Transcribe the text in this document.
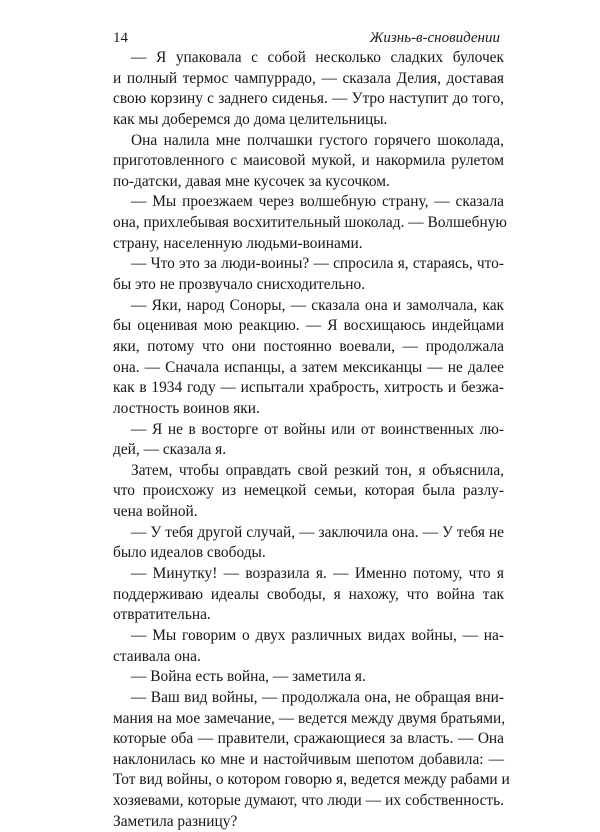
14	Жизнь-в-сновидении
— Я упаковала с собой несколько сладких булочек
и полный термос чампуррадо, — сказала Делия, доставая
свою корзину с заднего сиденья. — Утро наступит до того,
как мы доберемся до дома целительницы.
Она налила мне полчашки густого горячего шоколада,
приготовленного с маисовой мукой, и накормила рулетом
по-датски, давая мне кусочек за кусочком.
— Мы проезжаем через волшебную страну, — сказала
она, прихлебывая восхитительный шоколад. — Волшебную
страну, населенную людьми-воинами.
— Что это за люди-воины? — спросила я, стараясь, что-
бы это не прозвучало снисходительно.
— Яки, народ Соноры, — сказала она и замолчала, как
бы оценивая мою реакцию. — Я восхищаюсь индейцами
яки, потому что они постоянно воевали, — продолжала
она. — Сначала испанцы, а затем мексиканцы — не далее
как в 1934 году — испытали храбрость, хитрость и безжа-
лостность воинов яки.
— Я не в восторге от войны или от воинственных лю-
дей, — сказала я.
Затем, чтобы оправдать свой резкий тон, я объяснила,
что происхожу из немецкой семьи, которая была разлу-
чена войной.
— У тебя другой случай, — заключила она. — У тебя не
было идеалов свободы.
— Минутку! — возразила я. — Именно потому, что я
поддерживаю идеалы свободы, я нахожу, что война так
отвратительна.
— Мы говорим о двух различных видах войны, — на-
стаивала она.
— Война есть война, — заметила я.
— Ваш вид войны, — продолжала она, не обращая вни-
мания на мое замечание, — ведется между двумя братьями,
которые оба — правители, сражающиеся за власть. — Она
наклонилась ко мне и настойчивым шепотом добавила: —
Тот вид войны, о котором говорю я, ведется между рабами и
хозяевами, которые думают, что люди — их собственность.
Заметила разницу?
